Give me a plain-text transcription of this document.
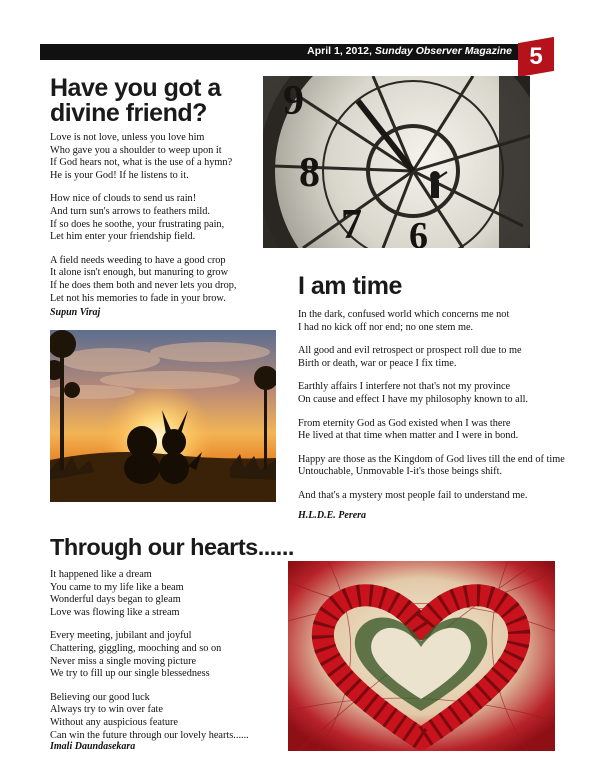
April 1, 2012, Sunday Observer Magazine 5
Have you got a
divine friend?
Love is not love, unless you love him
Who gave you a shoulder to weep upon it
If God hears not, what is the use of a hymn?
He is your God! If he listens to it.
How nice of clouds to send us rain!
And turn sun's arrows to feathers mild.
If so does he soothe, your frustrating pain,
Let him enter your friendship field.
A field needs weeding to have a good crop
It alone isn't enough, but manuring to grow
If he does them both and never lets you drop,
Let not his memories to fade in your brow.
Supun Viraj
9
8
7 6
I am time
In the dark, confused world which concerns me not
I had no kick off nor end; no one stem me.
All good and evil retrospect or prospect roll due to me
Birth or death, war or peace I fix time.
Earthly affairs I interfere not that's not my province
On cause and effect I have my philosophy known to all.
From eternity God as God existed when I was there
He lived at that time when matter and I were in bond.
Happy are those as the Kingdom of God lives till the end of time
Untouchable, Unmovable I-it's those beings shift.
And that's a mystery most people fail to understand me.
H.L.D.E. Perera
Through our hearts......
It happened like a dream
You came to my life like a beam
Wonderful days began to gleam
Love was flowing like a stream
Every meeting, jubilant and joyful
Chattering, giggling, mooching and so on
Never miss a single moving picture
We try to fill up our single blessedness
Believing our good luck
Always try to win over fate
Without any auspicious feature
Can win the future through our lovely hearts......
Imali Daundasekara
